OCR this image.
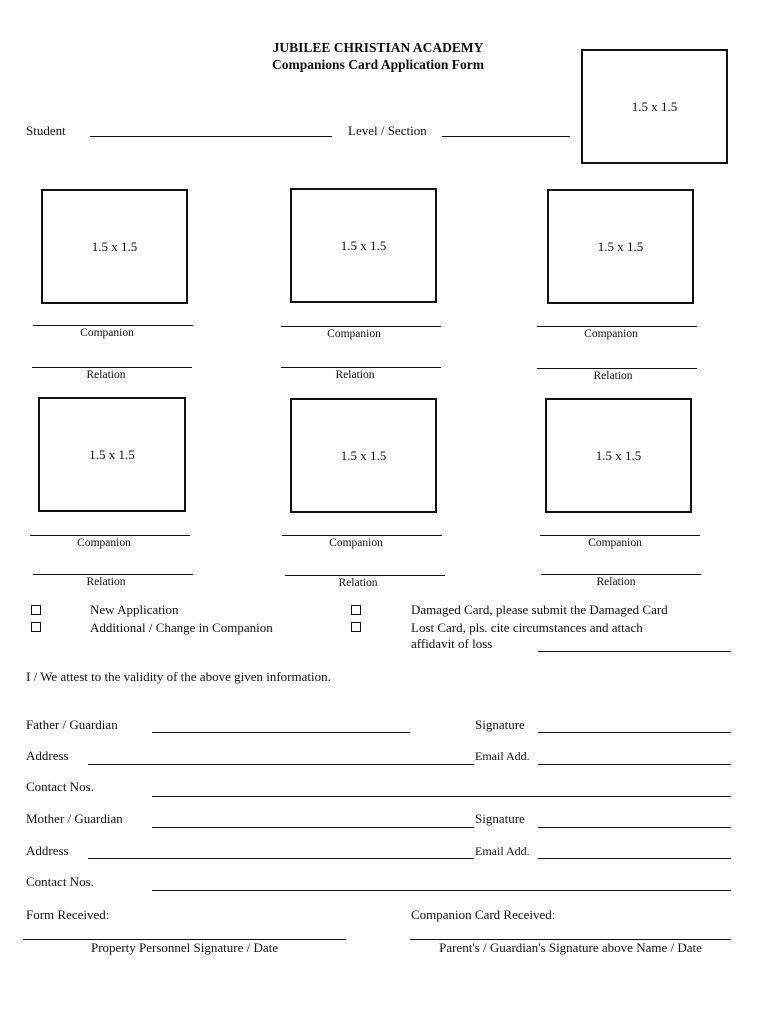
JUBILEE CHRISTIAN ACADEMY
Companions Card Application Form
1.5 x 1.5
Student	Level / Section
1.5 x 1.5	1.5 x 1.5	1.5 x 1.5
Companion	Companion	Companion
Relation	Relation	Relation
1.5 x 1.5	1.5 x 1.5	1.5 x 1.5
Companion	Companion	Companion
Relation	Relation	Relation
New Application
Additional / Change in Companion
Damaged Card, please submit the Damaged Card
Lost Card, pls. cite circumstances and attach
affidavit of loss
I / We attest to the validity of the above given information.
Father / Guardian	Signature
Address	Email Add.
Contact Nos.
Mother / Guardian	Signature
Address	Email Add.
Contact Nos.
Form Received:	Companion Card Received:
Property Personnel Signature / Date	Parent's / Guardian's Signature above Name / Date
